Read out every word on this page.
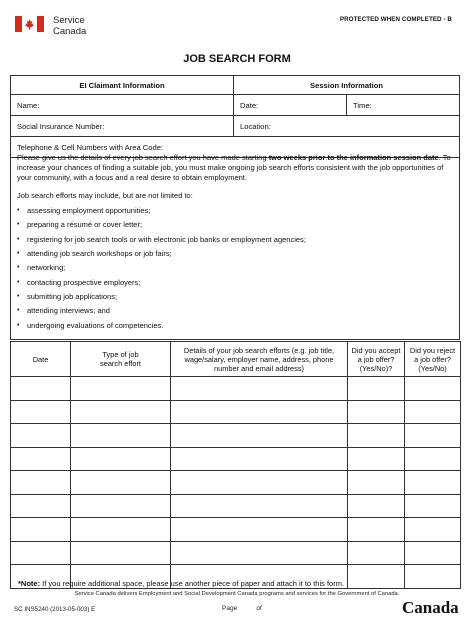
Service
Canada
PROTECTED WHEN COMPLETED - B
JOB SEARCH FORM
EI Claimant Information	Session Information
Name:	Date:	Time:
Social Insurance Number:	Location:
Telephone & Cell Numbers with Area Code:

Please give us the details of every job search effort you have made starting two weeks prior to the information session date. To increase your chances of finding a suitable job, you must make ongoing job search efforts consistent with the job opportunities of your community, with a focus and a real desire to obtain employment.

Job search efforts may include, but are not limited to:

•	assessing employment opportunities;
•	preparing a résumé or cover letter;
•	registering for job search tools or with electronic job banks or employment agencies;
•	attending job search workshops or job fairs;
•	networking;
•	contacting prospective employers;
•	submitting job applications;
•	attending interviews; and
•	undergoing evaluations of competencies.
Date	Type of job search effort	Details of your job search efforts (e.g. job title, wage/salary, employer name, address, phone number and email address)	Did you accept a job offer? (Yes/No)?	Did you reject a job offer? (Yes/No)

*Note: If you require additional space, please use another piece of paper and attach it to this form.
Service Canada delivers Employment and Social Development Canada programs and services for the Government of Canada.
SC INS5240 (2013-05-003) E	Page	of	Canada
